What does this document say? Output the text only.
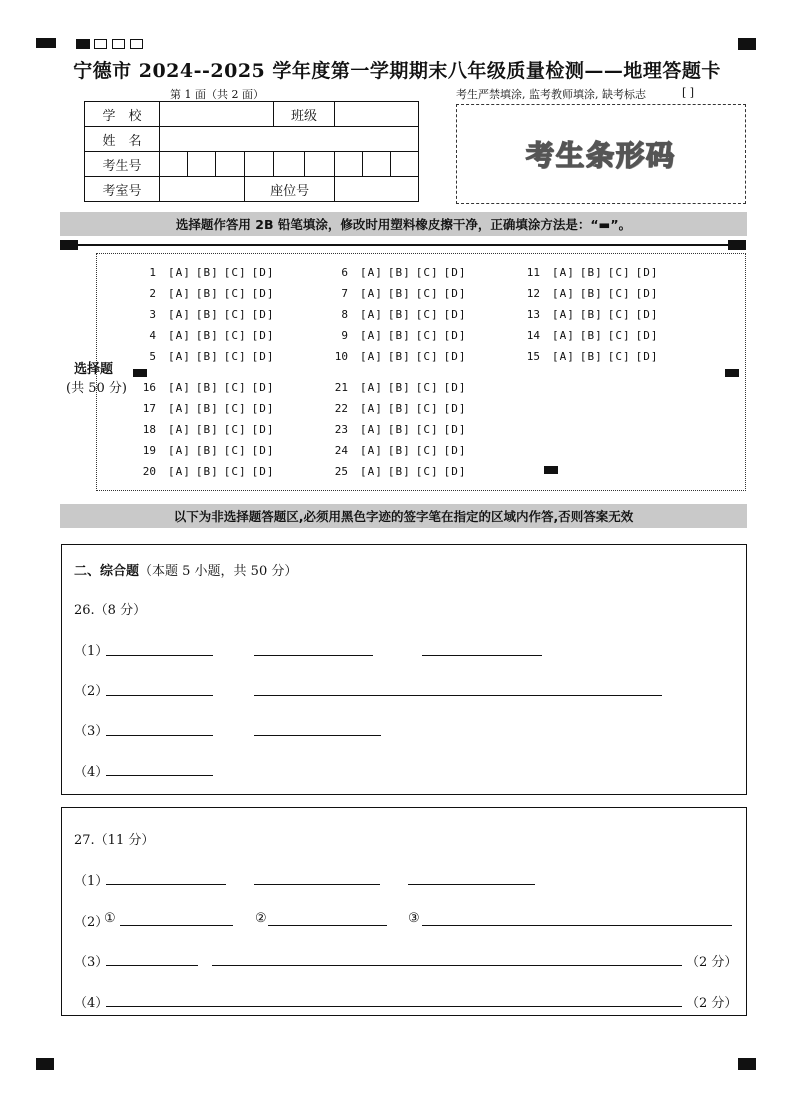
宁德市 2024--2025 学年度第一学期期末八年级质量检测——地理答题卡
第 1 面（共 2 面）	考生严禁填涂, 监考教师填涂, 缺考标志	[ ]
学　校					班级				
姓　名									
考生号									
考室号				座位号					
考生条形码
选择题作答用 2B 铅笔填涂，修改时用塑料橡皮擦干净，正确填涂方法是：“▬”。
选择题
(共 50 分)
1 [A] [B] [C] [D]
2 [A] [B] [C] [D]
3 [A] [B] [C] [D]
4 [A] [B] [C] [D]
5 [A] [B] [C] [D]
6 [A] [B] [C] [D]
7 [A] [B] [C] [D]
8 [A] [B] [C] [D]
9 [A] [B] [C] [D]
10 [A] [B] [C] [D]
11 [A] [B] [C] [D]
12 [A] [B] [C] [D]
13 [A] [B] [C] [D]
14 [A] [B] [C] [D]
15 [A] [B] [C] [D]
16 [A] [B] [C] [D]
17 [A] [B] [C] [D]
18 [A] [B] [C] [D]
19 [A] [B] [C] [D]
20 [A] [B] [C] [D]
21 [A] [B] [C] [D]
22 [A] [B] [C] [D]
23 [A] [B] [C] [D]
24 [A] [B] [C] [D]
25 [A] [B] [C] [D]
以下为非选择题答题区,必须用黑色字迹的签字笔在指定的区域内作答,否则答案无效
二、综合题（本题 5 小题，共 50 分）
26.（8 分）
（1）
（2）
（3）
（4）
27.（11 分）
（1）
（2）
①	②	③
（3）	（2 分）
（4）	（2 分）
